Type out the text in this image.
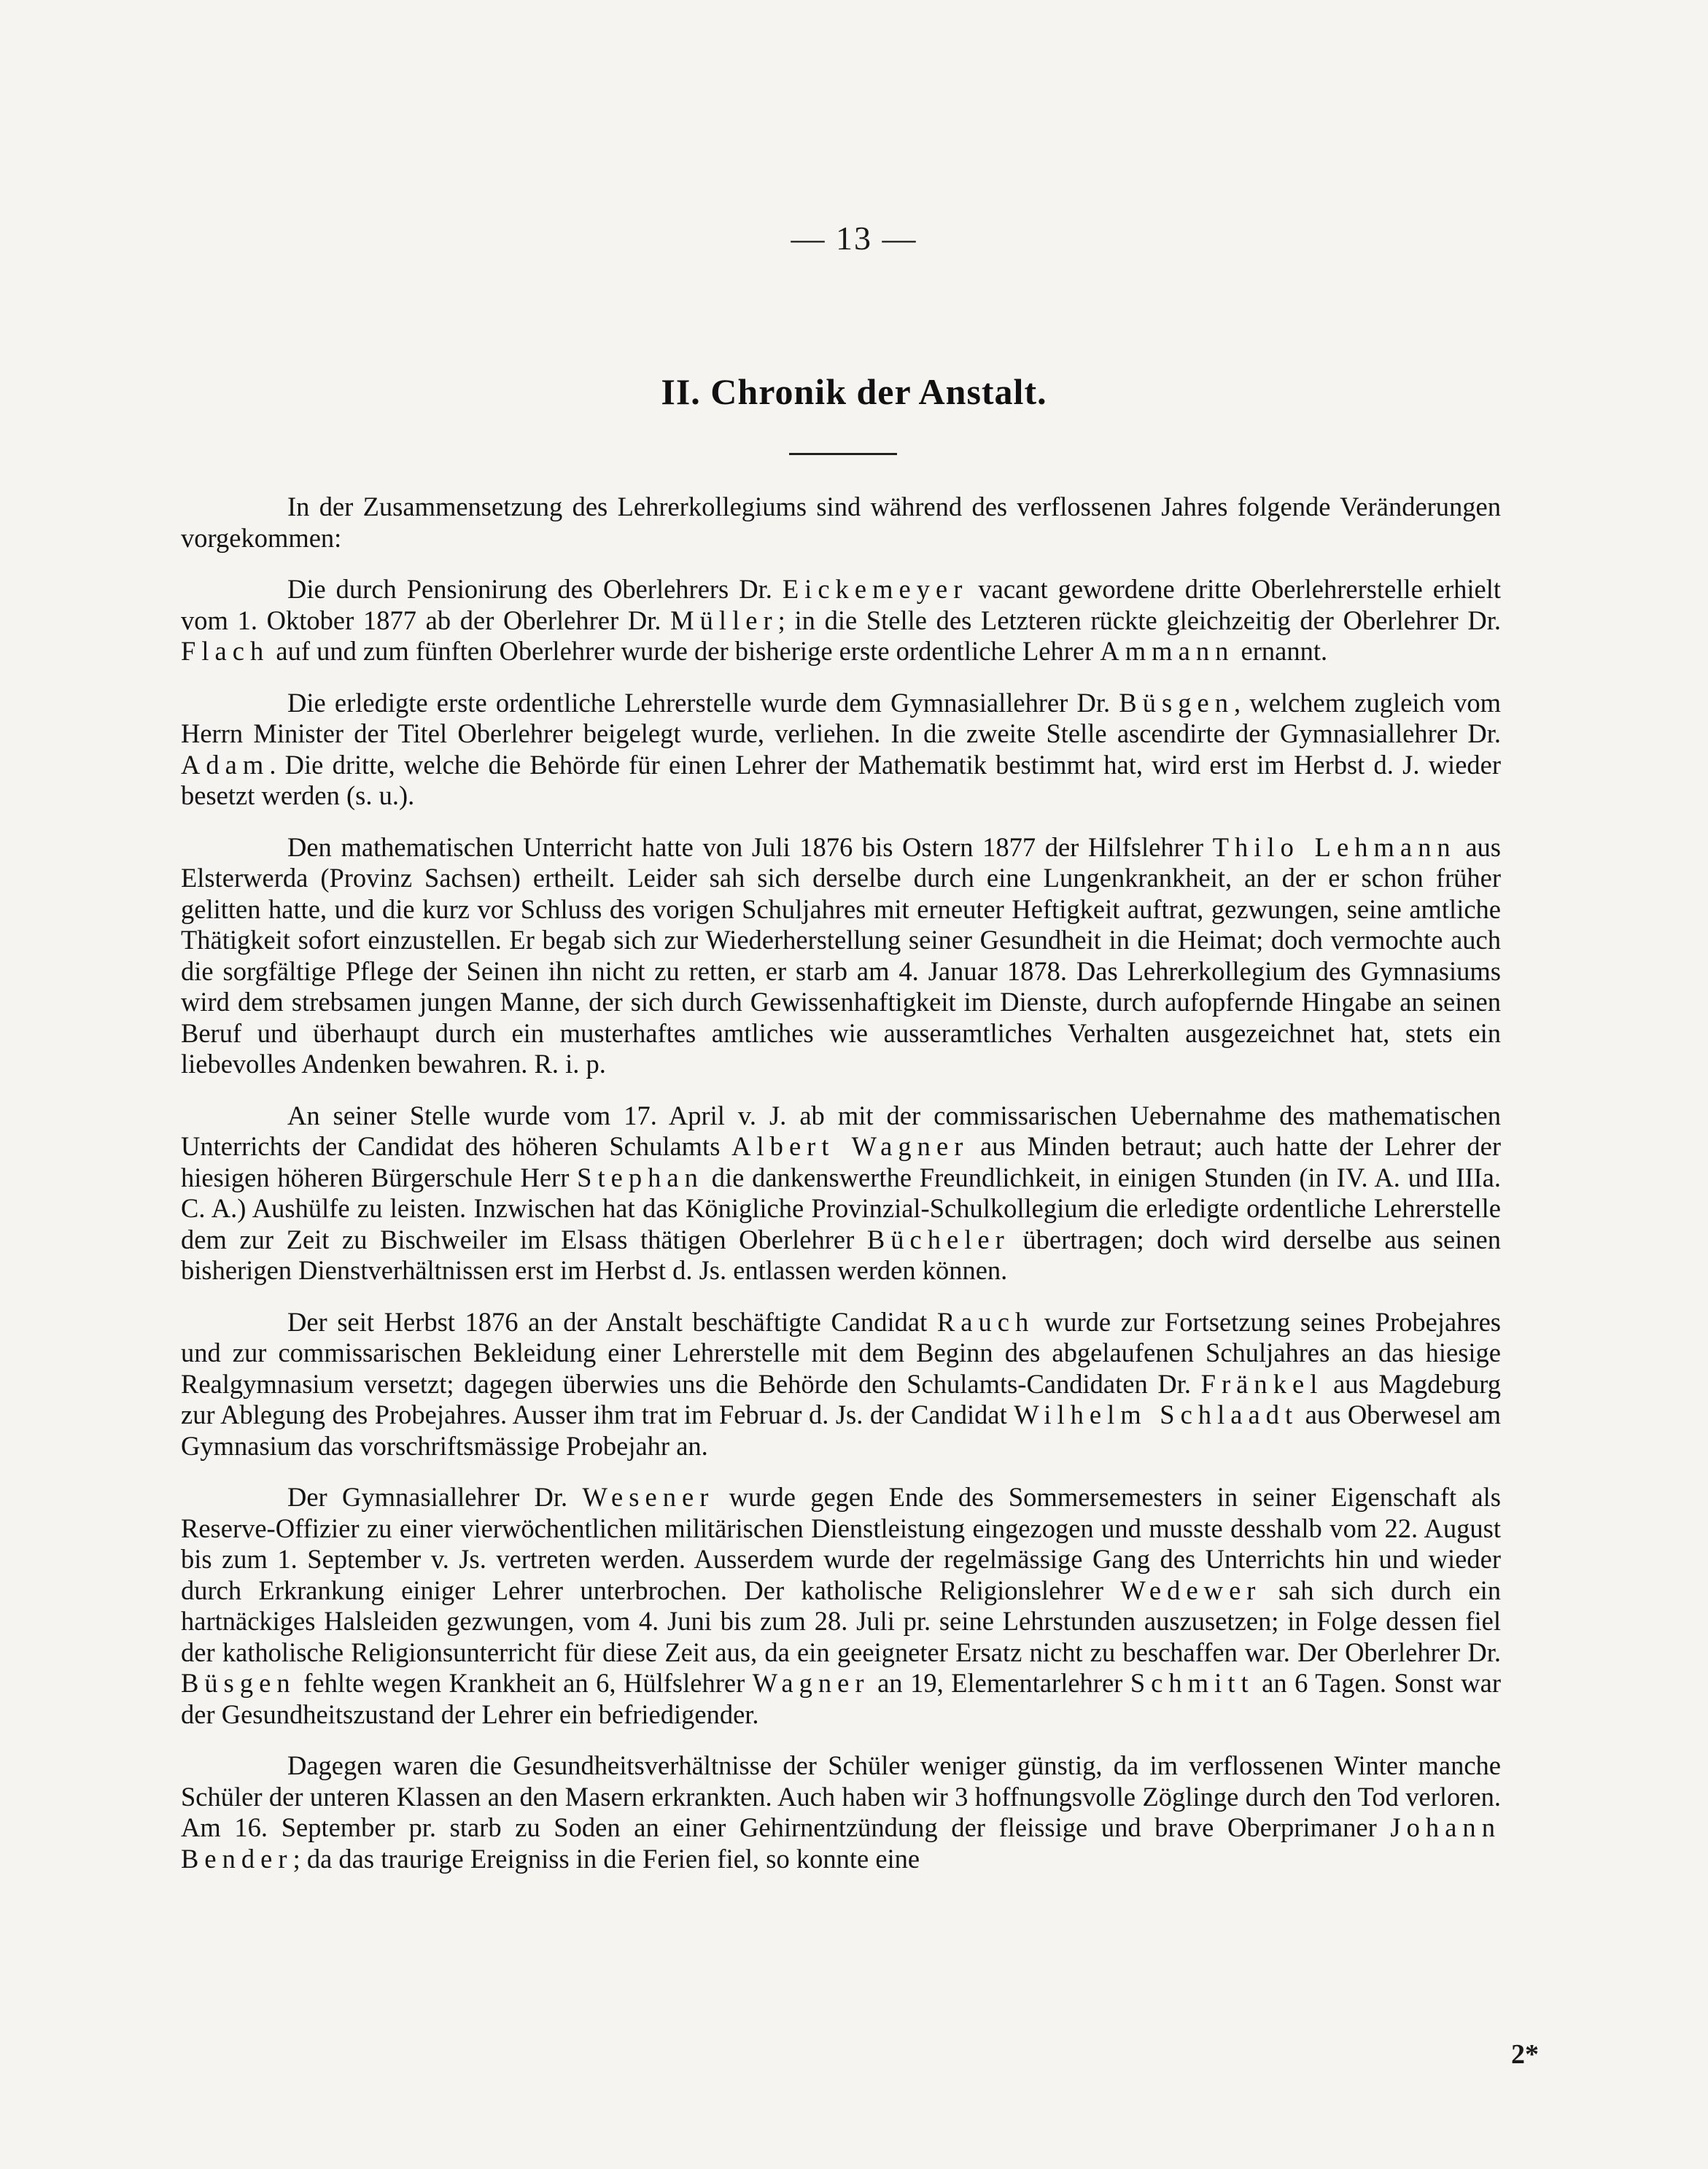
— 13 —
II. Chronik der Anstalt.

In der Zusammensetzung des Lehrerkollegiums sind während des verflossenen Jahres folgende Veränderungen vorgekommen:

Die durch Pensionirung des Oberlehrers Dr. Eickemeyer vacant gewordene dritte Oberlehrerstelle erhielt vom 1. Oktober 1877 ab der Oberlehrer Dr. Müller; in die Stelle des Letzteren rückte gleichzeitig der Oberlehrer Dr. Flach auf und zum fünften Oberlehrer wurde der bisherige erste ordentliche Lehrer Ammann ernannt.

Die erledigte erste ordentliche Lehrerstelle wurde dem Gymnasiallehrer Dr. Büsgen, welchem zugleich vom Herrn Minister der Titel Oberlehrer beigelegt wurde, verliehen. In die zweite Stelle ascendirte der Gymnasiallehrer Dr. Adam. Die dritte, welche die Behörde für einen Lehrer der Mathematik bestimmt hat, wird erst im Herbst d. J. wieder besetzt werden (s. u.).

Den mathematischen Unterricht hatte von Juli 1876 bis Ostern 1877 der Hilfslehrer Thilo Lehmann aus Elsterwerda (Provinz Sachsen) ertheilt. Leider sah sich derselbe durch eine Lungenkrankheit, an der er schon früher gelitten hatte, und die kurz vor Schluss des vorigen Schuljahres mit erneuter Heftigkeit auftrat, gezwungen, seine amtliche Thätigkeit sofort einzustellen. Er begab sich zur Wiederherstellung seiner Gesundheit in die Heimat; doch vermochte auch die sorgfältige Pflege der Seinen ihn nicht zu retten, er starb am 4. Januar 1878. Das Lehrerkollegium des Gymnasiums wird dem strebsamen jungen Manne, der sich durch Gewissenhaftigkeit im Dienste, durch aufopfernde Hingabe an seinen Beruf und überhaupt durch ein musterhaftes amtliches wie ausseramtliches Verhalten ausgezeichnet hat, stets ein liebevolles Andenken bewahren. R. i. p.

An seiner Stelle wurde vom 17. April v. J. ab mit der commissarischen Uebernahme des mathematischen Unterrichts der Candidat des höheren Schulamts Albert Wagner aus Minden betraut; auch hatte der Lehrer der hiesigen höheren Bürgerschule Herr Stephan die dankenswerthe Freundlichkeit, in einigen Stunden (in IV. A. und IIIa. C. A.) Aushülfe zu leisten. Inzwischen hat das Königliche Provinzial-Schulkollegium die erledigte ordentliche Lehrerstelle dem zur Zeit zu Bischweiler im Elsass thätigen Oberlehrer Bücheler übertragen; doch wird derselbe aus seinen bisherigen Dienstverhältnissen erst im Herbst d. Js. entlassen werden können.

Der seit Herbst 1876 an der Anstalt beschäftigte Candidat Rauch wurde zur Fortsetzung seines Probejahres und zur commissarischen Bekleidung einer Lehrerstelle mit dem Beginn des abgelaufenen Schuljahres an das hiesige Realgymnasium versetzt; dagegen überwies uns die Behörde den Schulamts-Candidaten Dr. Fränkel aus Magdeburg zur Ablegung des Probejahres. Ausser ihm trat im Februar d. Js. der Candidat Wilhelm Schlaadt aus Oberwesel am Gymnasium das vorschriftsmässige Probejahr an.

Der Gymnasiallehrer Dr. Wesener wurde gegen Ende des Sommersemesters in seiner Eigenschaft als Reserve-Offizier zu einer vierwöchentlichen militärischen Dienstleistung eingezogen und musste desshalb vom 22. August bis zum 1. September v. Js. vertreten werden. Ausserdem wurde der regelmässige Gang des Unterrichts hin und wieder durch Erkrankung einiger Lehrer unterbrochen. Der katholische Religionslehrer Wedewer sah sich durch ein hartnäckiges Halsleiden gezwungen, vom 4. Juni bis zum 28. Juli pr. seine Lehrstunden auszusetzen; in Folge dessen fiel der katholische Religionsunterricht für diese Zeit aus, da ein geeigneter Ersatz nicht zu beschaffen war. Der Oberlehrer Dr. Büsgen fehlte wegen Krankheit an 6, Hülfslehrer Wagner an 19, Elementarlehrer Schmitt an 6 Tagen. Sonst war der Gesundheitszustand der Lehrer ein befriedigender.

Dagegen waren die Gesundheitsverhältnisse der Schüler weniger günstig, da im verflossenen Winter manche Schüler der unteren Klassen an den Masern erkrankten. Auch haben wir 3 hoffnungsvolle Zöglinge durch den Tod verloren. Am 16. September pr. starb zu Soden an einer Gehirnentzündung der fleissige und brave Oberprimaner Johann Bender; da das traurige Ereigniss in die Ferien fiel, so konnte eine

2*
